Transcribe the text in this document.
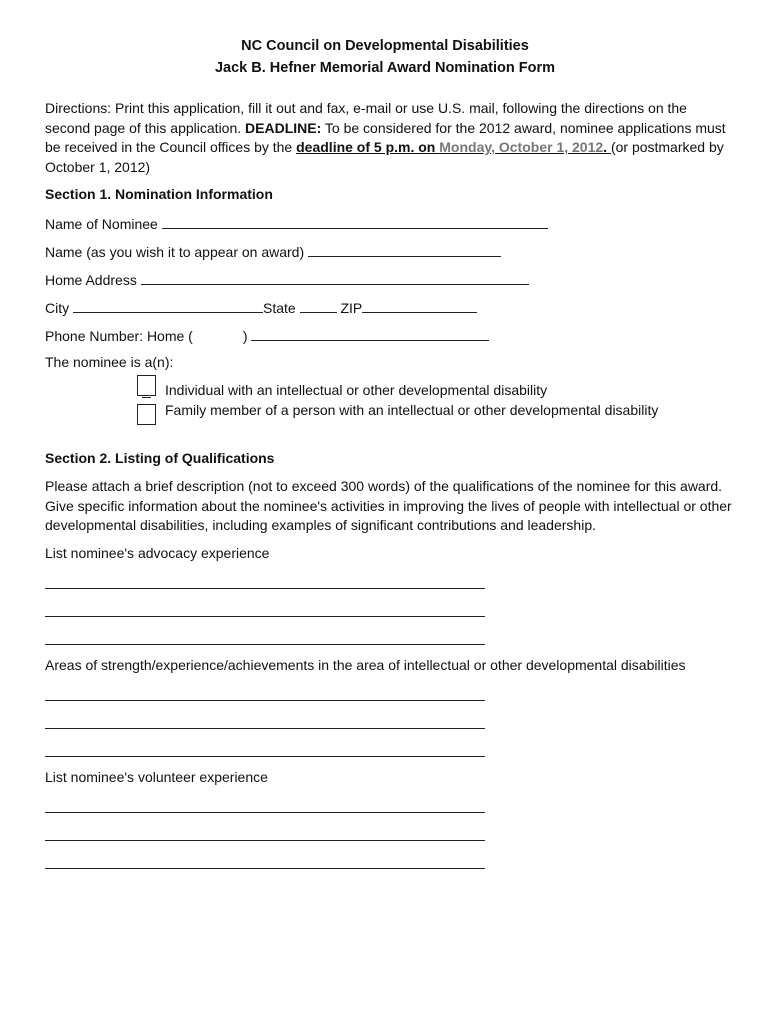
NC Council on Developmental Disabilities
Jack B. Hefner Memorial Award Nomination Form
Directions: Print this application, fill it out and fax, e-mail or use U.S. mail, following the directions on the second page of this application. DEADLINE: To be considered for the 2012 award, nominee applications must be received in the Council offices by the deadline of 5 p.m. on Monday, October 1, 2012. (or postmarked by October 1, 2012)
Section 1. Nomination Information
Name of Nominee
Name (as you wish it to appear on award)
Home Address
City	State	ZIP
Phone Number: Home (	)
The nominee is a(n):
Individual with an intellectual or other developmental disability
Family member of a person with an intellectual or other developmental disability
Section 2. Listing of Qualifications
Please attach a brief description (not to exceed 300 words) of the qualifications of the nominee for this award. Give specific information about the nominee's activities in improving the lives of people with intellectual or other developmental disabilities, including examples of significant contributions and leadership.
List nominee's advocacy experience
Areas of strength/experience/achievements in the area of intellectual or other developmental disabilities
List nominee's volunteer experience
